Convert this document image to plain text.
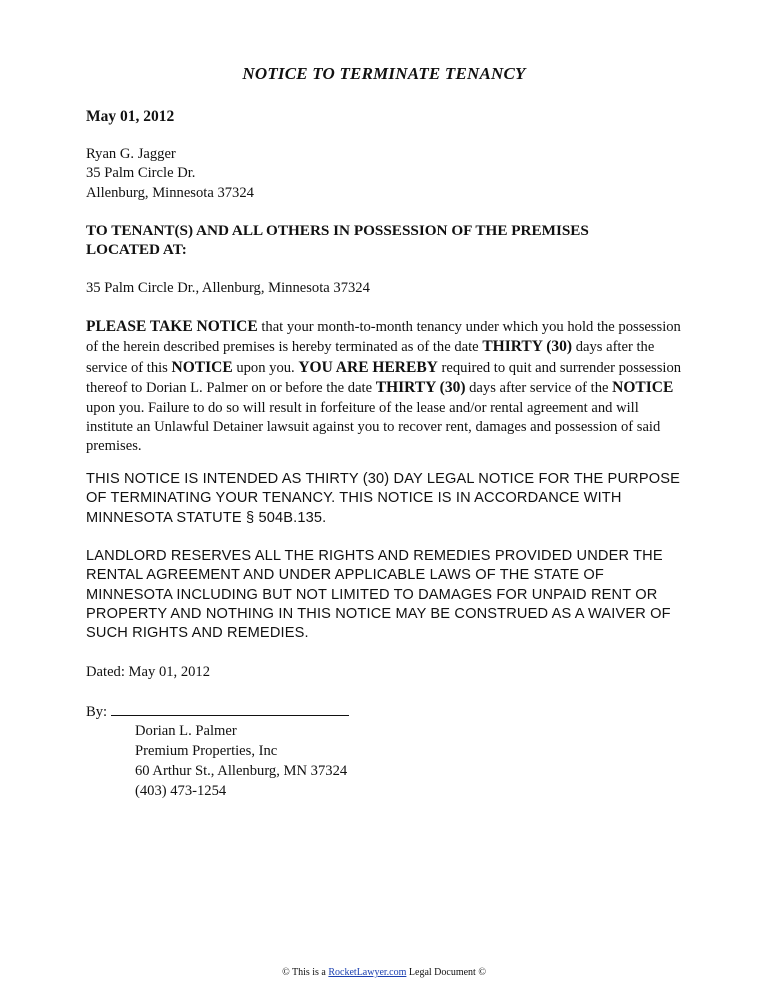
NOTICE TO TERMINATE TENANCY
May 01, 2012
Ryan G. Jagger
35 Palm Circle Dr.
Allenburg, Minnesota 37324
TO TENANT(S) AND ALL OTHERS IN POSSESSION OF THE PREMISES
LOCATED AT:
35 Palm Circle Dr., Allenburg, Minnesota 37324
PLEASE TAKE NOTICE that your month-to-month tenancy under which you hold the possession of the herein described premises is hereby terminated as of the date THIRTY (30) days after the service of this NOTICE upon you. YOU ARE HEREBY required to quit and surrender possession thereof to Dorian L. Palmer on or before the date THIRTY (30) days after service of the NOTICE upon you. Failure to do so will result in forfeiture of the lease and/or rental agreement and will institute an Unlawful Detainer lawsuit against you to recover rent, damages and possession of said premises.
THIS NOTICE IS INTENDED AS THIRTY (30) DAY LEGAL NOTICE FOR THE PURPOSE OF TERMINATING YOUR TENANCY. THIS NOTICE IS IN ACCORDANCE WITH MINNESOTA STATUTE § 504B.135.
LANDLORD RESERVES ALL THE RIGHTS AND REMEDIES PROVIDED UNDER THE RENTAL AGREEMENT AND UNDER APPLICABLE LAWS OF THE STATE OF MINNESOTA INCLUDING BUT NOT LIMITED TO DAMAGES FOR UNPAID RENT OR PROPERTY AND NOTHING IN THIS NOTICE MAY BE CONSTRUED AS A WAIVER OF SUCH RIGHTS AND REMEDIES.
Dated: May 01, 2012
By:
Dorian L. Palmer
Premium Properties, Inc
60 Arthur St., Allenburg, MN 37324
(403) 473-1254
© This is a RocketLawyer.com Legal Document ©
